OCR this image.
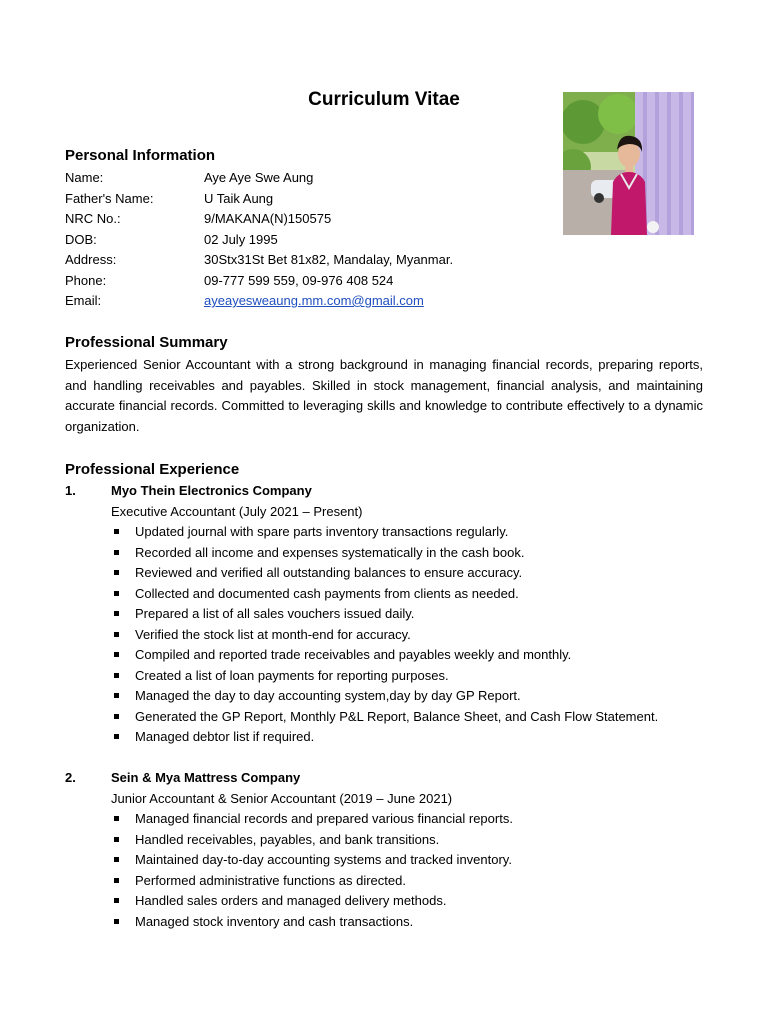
Curriculum Vitae
Personal Information
Name:	Aye Aye Swe Aung
Father's Name:	U Taik Aung
NRC No.:	9/MAKANA(N)150575
DOB:	02 July 1995
Address:	30Stx31St Bet 81x82, Mandalay, Myanmar.
Phone:	09-777 599 559, 09-976 408 524
Email:	ayeayesweaung.mm.com@gmail.com
Professional Summary

Experienced Senior Accountant with a strong background in managing financial records, preparing reports, and handling receivables and payables. Skilled in stock management, financial analysis, and maintaining accurate financial records. Committed to leveraging skills and knowledge to contribute effectively to a dynamic organization.

Professional Experience
1.	Myo Thein Electronics Company
Executive Accountant (July 2021 – Present)
Updated journal with spare parts inventory transactions regularly.
Recorded all income and expenses systematically in the cash book.
Reviewed and verified all outstanding balances to ensure accuracy.
Collected and documented cash payments from clients as needed.
Prepared a list of all sales vouchers issued daily.
Verified the stock list at month-end for accuracy.
Compiled and reported trade receivables and payables weekly and monthly.
Created a list of loan payments for reporting purposes.
Managed the day to day accounting system,day by day GP Report.
Generated the GP Report, Monthly P&L Report, Balance Sheet, and Cash Flow Statement.
Managed debtor list if required.
2.	Sein & Mya Mattress Company
Junior Accountant & Senior Accountant (2019 – June 2021)
Managed financial records and prepared various financial reports.
Handled receivables, payables, and bank transitions.
Maintained day-to-day accounting systems and tracked inventory.
Performed administrative functions as directed.
Handled sales orders and managed delivery methods.
Managed stock inventory and cash transactions.
